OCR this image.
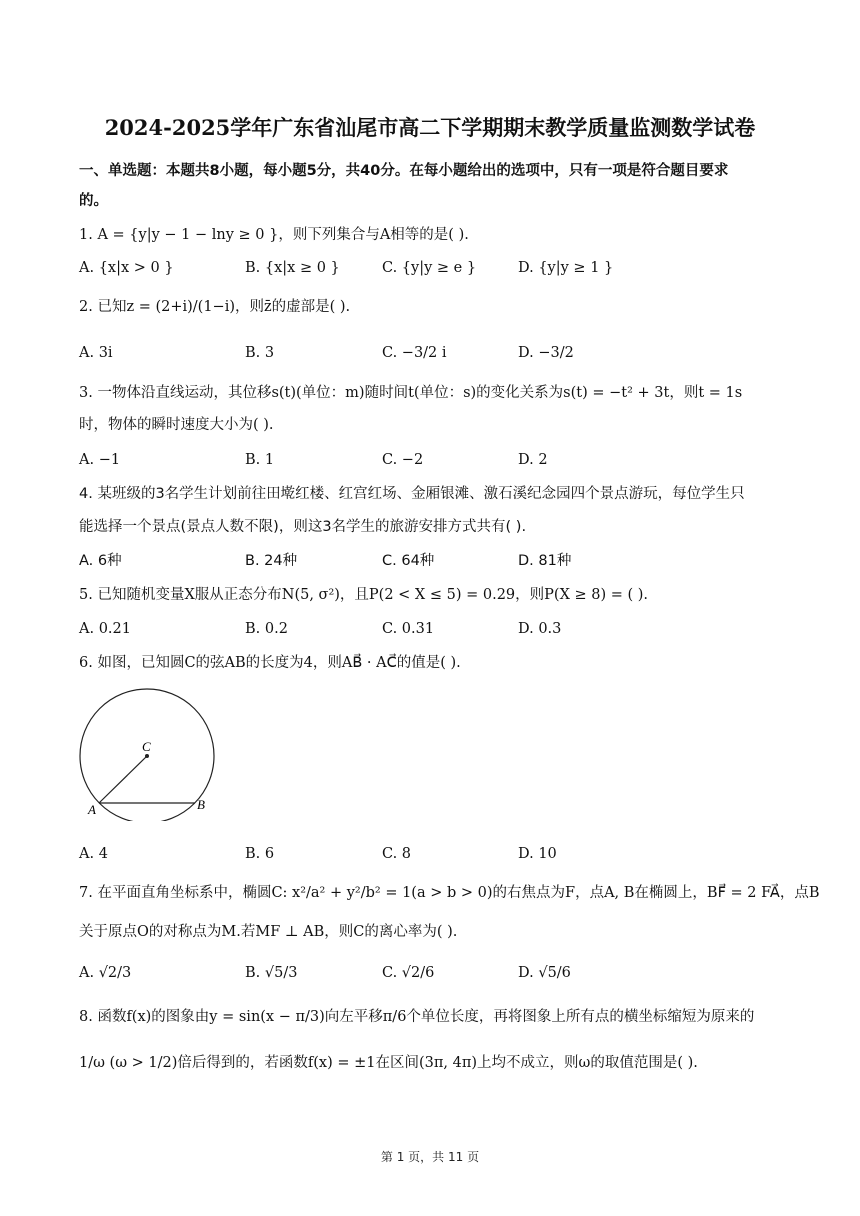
2024-2025学年广东省汕尾市高二下学期期末教学质量监测数学试卷
一、单选题：本题共8小题，每小题5分，共40分。在每小题给出的选项中，只有一项是符合题目要求
的。
1. A = {y|y − 1 − lny ≥ 0 }，则下列集合与A相等的是( ).
A. {x|x > 0 }	B. {x|x ≥ 0 }	C. {y|y ≥ e }	D. {y|y ≥ 1 }
2. 已知z = (2+i)/(1−i)，则z̄的虚部是( ).
A. 3i	B. 3	C. −3/2 i	D. −3/2
3. 一物体沿直线运动，其位移s(t)(单位：m)随时间t(单位：s)的变化关系为s(t) = −t² + 3t，则t = 1s
时，物体的瞬时速度大小为( ).
A. −1	B. 1	C. −2	D. 2
4. 某班级的3名学生计划前往田墘红楼、红宫红场、金厢银滩、激石溪纪念园四个景点游玩，每位学生只
能选择一个景点(景点人数不限)，则这3名学生的旅游安排方式共有( ).
A. 6种	B. 24种	C. 64种	D. 81种
5. 已知随机变量X服从正态分布N(5, σ²)，且P(2 < X ≤ 5) = 0.29，则P(X ≥ 8) = ( ).
A. 0.21	B. 0.2	C. 0.31	D. 0.3
6. 如图，已知圆C的弦AB的长度为4，则AB⃗ · AC⃗的值是( ).
C
A	B
A. 4	B. 6	C. 8	D. 10
7. 在平面直角坐标系中，椭圆C: x²/a² + y²/b² = 1(a > b > 0)的右焦点为F，点A, B在椭圆上，BF⃗ = 2 FA⃗，点B
关于原点O的对称点为M.若MF ⊥ AB，则C的离心率为( ).
A. √2/3	B. √5/3	C. √2/6	D. √5/6
8. 函数f(x)的图象由y = sin(x − π/3)向左平移π/6个单位长度，再将图象上所有点的横坐标缩短为原来的
1/ω (ω > 1/2)倍后得到的，若函数f(x) = ±1在区间(3π, 4π)上均不成立，则ω的取值范围是( ).
第 1 页，共 11 页
